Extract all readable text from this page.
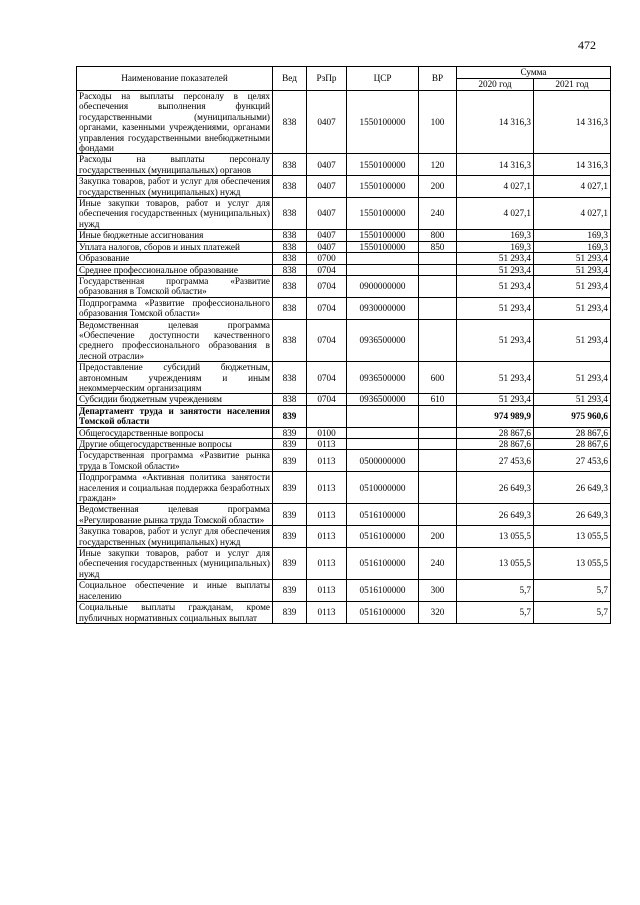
472
Наименование показателей	Вед	РзПр	ЦСР	ВР	Сумма	
					2020 год	2021 год
Расходы на выплаты персоналу в целях обеспечения выполнения функций государственными (муниципальными) органами, казенными учреждениями, органами управления государственными внебюджетными фондами	838	0407	1550100000	100	14 316,3	14 316,3
Расходы на выплаты персоналу государственных (муниципальных) органов	838	0407	1550100000	120	14 316,3	14 316,3
Закупка товаров, работ и услуг для обеспечения государственных (муниципальных) нужд	838	0407	1550100000	200	4 027,1	4 027,1
Иные закупки товаров, работ и услуг для обеспечения государственных (муниципальных) нужд	838	0407	1550100000	240	4 027,1	4 027,1
Иные бюджетные ассигнования	838	0407	1550100000	800	169,3	169,3
Уплата налогов, сборов и иных платежей	838	0407	1550100000	850	169,3	169,3
Образование	838	0700			51 293,4	51 293,4
Среднее профессиональное образование	838	0704			51 293,4	51 293,4
Государственная программа «Развитие образования в Томской области»	838	0704	0900000000		51 293,4	51 293,4
Подпрограмма «Развитие профессионального образования Томской области»	838	0704	0930000000		51 293,4	51 293,4
Ведомственная целевая программа «Обеспечение доступности качественного среднего профессионального образования в лесной отрасли»	838	0704	0936500000		51 293,4	51 293,4
Предоставление субсидий бюджетным, автономным учреждениям и иным некоммерческим организациям	838	0704	0936500000	600	51 293,4	51 293,4
Субсидии бюджетным учреждениям	838	0704	0936500000	610	51 293,4	51 293,4
Департамент труда и занятости населения Томской области	839				974 989,9	975 960,6
Общегосударственные вопросы	839	0100			28 867,6	28 867,6
Другие общегосударственные вопросы	839	0113			28 867,6	28 867,6
Государственная программа «Развитие рынка труда в Томской области»	839	0113	0500000000		27 453,6	27 453,6
Подпрограмма «Активная политика занятости населения и социальная поддержка безработных граждан»	839	0113	0510000000		26 649,3	26 649,3
Ведомственная целевая программа «Регулирование рынка труда Томской области»	839	0113	0516100000		26 649,3	26 649,3
Закупка товаров, работ и услуг для обеспечения государственных (муниципальных) нужд	839	0113	0516100000	200	13 055,5	13 055,5
Иные закупки товаров, работ и услуг для обеспечения государственных (муниципальных) нужд	839	0113	0516100000	240	13 055,5	13 055,5
Социальное обеспечение и иные выплаты населению	839	0113	0516100000	300	5,7	5,7
Социальные выплаты гражданам, кроме публичных нормативных социальных выплат	839	0113	0516100000	320	5,7	5,7
